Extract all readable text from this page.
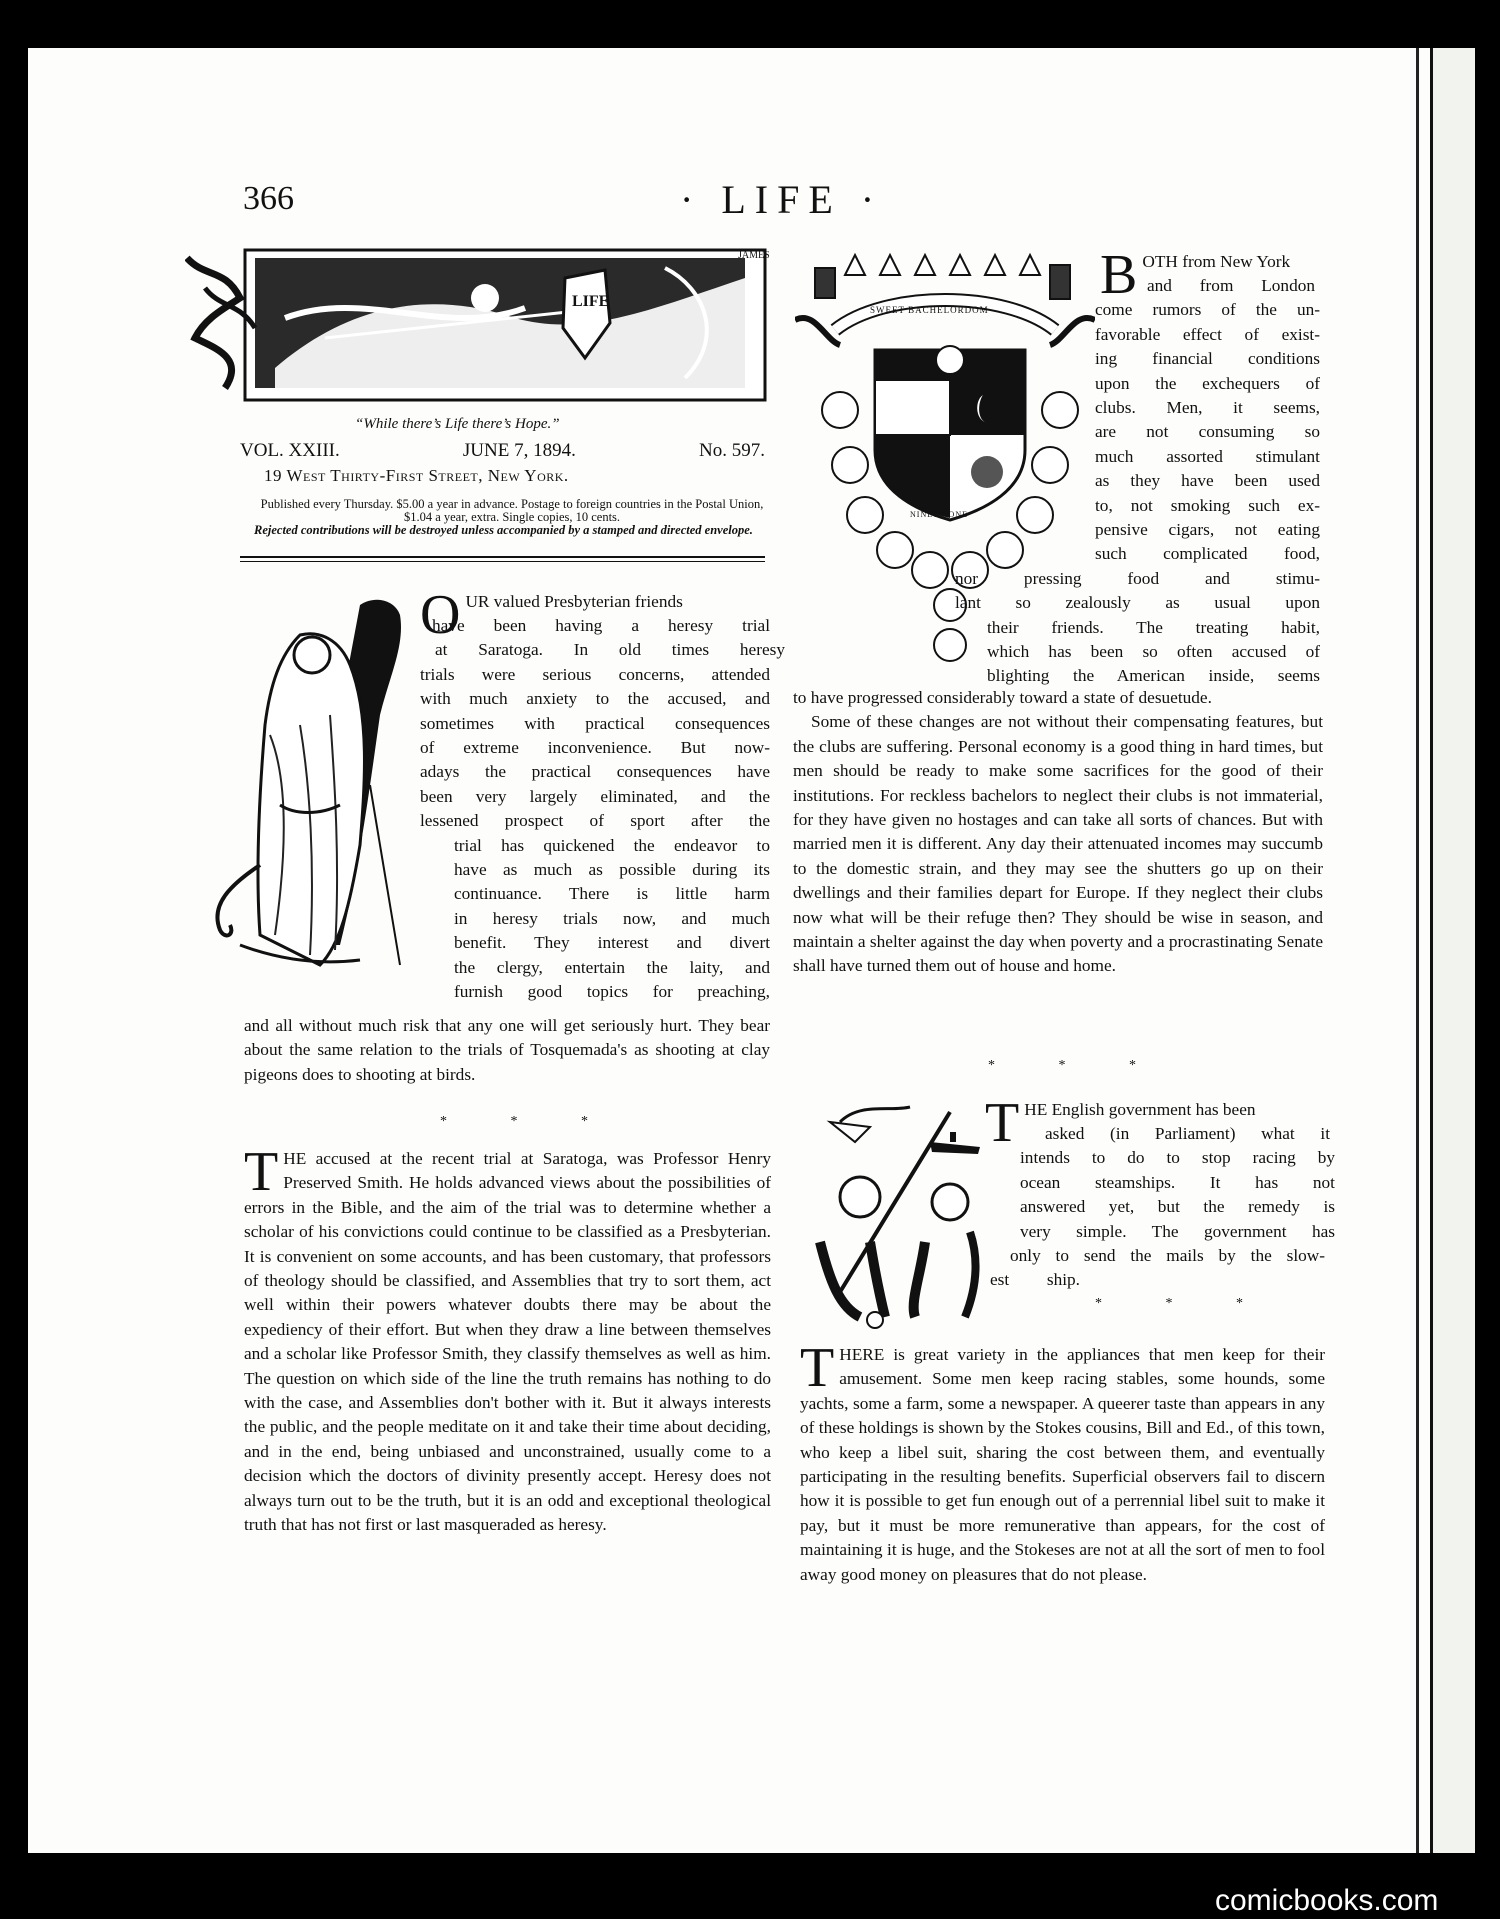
366	· LIFE ·
LIFE
JAMES
“While there’s Life there’s Hope.”
VOL. XXIII.	JUNE 7, 1894.	No. 597.
19 West Thirty-First Street, New York.
Published every Thursday. $5.00 a year in advance. Postage to foreign countries in the Postal Union, $1.04 a year, extra. Single copies, 10 cents.
Rejected contributions will be destroyed unless accompanied by a stamped and directed envelope.

OUR valued Presbyterian friends

have been having a heresy trial
at Saratoga. In old times heresy
trials were serious concerns, attended
with much anxiety to the accused, and
sometimes with practical consequences
of extreme inconvenience. But now-
adays the practical consequences have
been very largely eliminated, and the
lessened prospect of sport after the
trial has quickened the endeavor to
have as much as possible during its
continuance. There is little harm
in heresy trials now, and much
benefit. They interest and divert
the clergy, entertain the laity, and
furnish good topics for preaching,

and all without much risk that any one will get seriously hurt. They bear about the same relation to the trials of Tosquemada's as shooting at clay pigeons does to shooting at birds.

* * *

THE accused at the recent trial at Saratoga, was Professor Henry Preserved Smith. He holds advanced views about the possibilities of errors in the Bible, and the aim of the trial was to determine whether a scholar of his convictions could continue to be classified as a Presbyterian. It is convenient on some accounts, and has been customary, that professors of theology should be classified, and Assemblies that try to sort them, act well within their powers whatever doubts there may be about the expediency of their effort. But when they draw a line between themselves and a scholar like Professor Smith, they classify themselves as well as him. The question on which side of the line the truth remains has nothing to do with the case, and Assemblies don't bother with it. But it always interests the public, and the people meditate on it and take their time about deciding, and in the end, being unbiased and unconstrained, usually come to a decision which the doctors of divinity presently accept. Heresy does not always turn out to be the truth, but it is an odd and exceptional theological truth that has not first or last masqueraded as heresy.

SWEET BACHELORDOM
NINETY-ONE

BOTH from New York

and from London
come rumors of the un-
favorable effect of exist-
ing financial conditions
upon the exchequers of
clubs. Men, it seems,
are not consuming so
much assorted stimulant
as they have been used
to, not smoking such ex-
pensive cigars, not eating
such complicated food,
nor pressing food and stimu-
lant so zealously as usual upon
their friends. The treating habit,
which has been so often accused of
blighting the American inside, seems

to have progressed considerably toward a state of desuetude.

Some of these changes are not without their compensating features, but the clubs are suffering. Personal economy is a good thing in hard times, but men should be ready to make some sacrifices for the good of their institutions. For reckless bachelors to neglect their clubs is not immaterial, for they have given no hostages and can take all sorts of chances. But with married men it is different. Any day their attenuated incomes may succumb to the domestic strain, and they may see the shutters go up on their dwellings and their families depart for Europe. If they neglect their clubs now what will be their refuge then? They should be wise in season, and maintain a shelter against the day when poverty and a procrastinating Senate shall have turned them out of house and home.

* * *

THE English government has been

asked (in Parliament) what it
intends to do to stop racing by
ocean steamships. It has not
answered yet, but the remedy is
very simple. The government has
only to send the mails by the slow-
est ship.
* * *

THERE is great variety in the appliances that men keep for their amusement. Some men keep racing stables, some hounds, some yachts, some a farm, some a newspaper. A queerer taste than appears in any of these holdings is shown by the Stokes cousins, Bill and Ed., of this town, who keep a libel suit, sharing the cost between them, and eventually participating in the resulting benefits. Superficial observers fail to discern how it is possible to get fun enough out of a perrennial libel suit to make it pay, but it must be more remunerative than appears, for the cost of maintaining it is huge, and the Stokeses are not at all the sort of men to fool away good money on pleasures that do not please.

comicbooks.com
